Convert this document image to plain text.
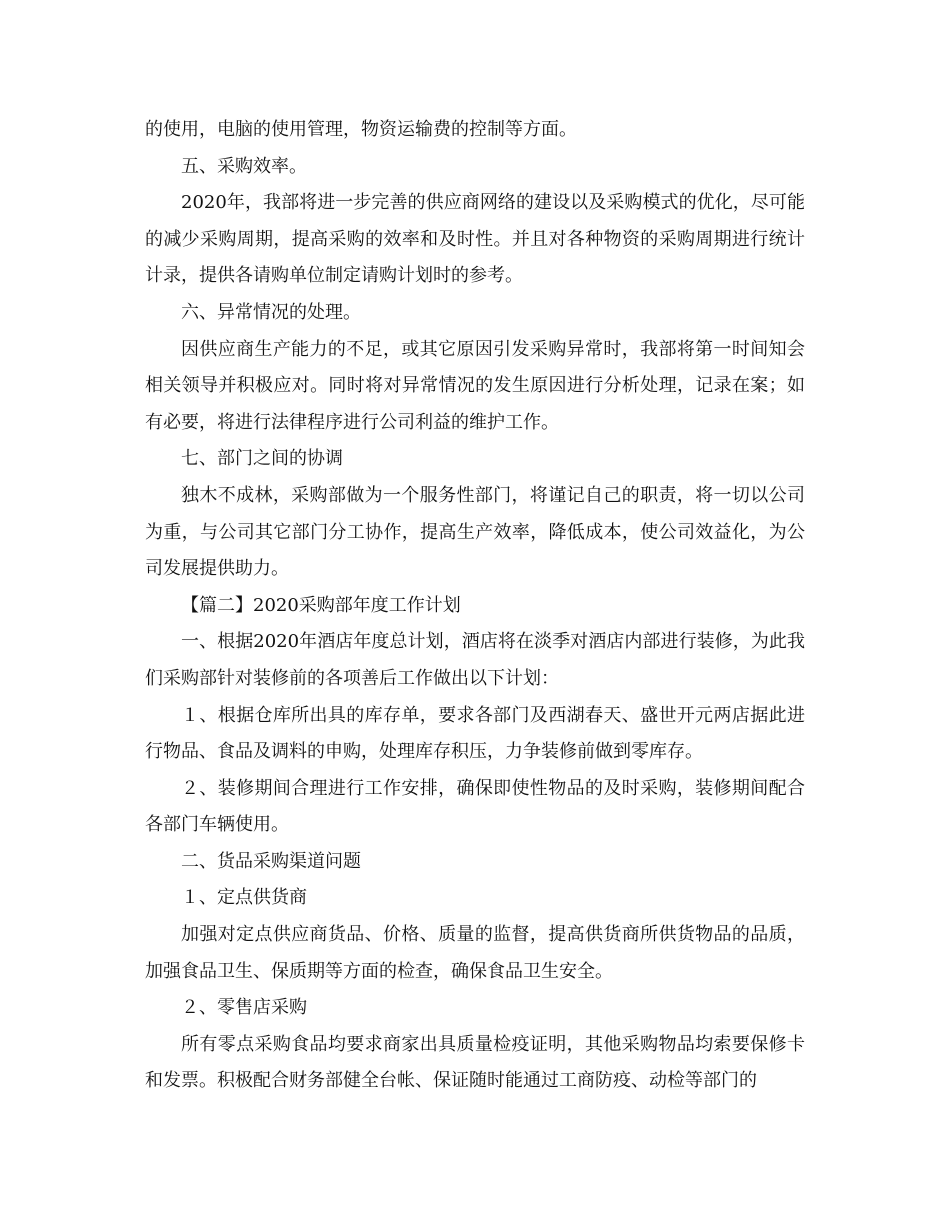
的使用，电脑的使用管理，物资运输费的控制等方面。

五、采购效率。

2020年，我部将进一步完善的供应商网络的建设以及采购模式的优化，尽可能的减少采购周期，提高采购的效率和及时性。并且对各种物资的采购周期进行统计计录，提供各请购单位制定请购计划时的参考。

六、异常情况的处理。

因供应商生产能力的不足，或其它原因引发采购异常时，我部将第一时间知会相关领导并积极应对。同时将对异常情况的发生原因进行分析处理，记录在案；如有必要，将进行法律程序进行公司利益的维护工作。

七、部门之间的协调

独木不成林，采购部做为一个服务性部门，将谨记自己的职责，将一切以公司为重，与公司其它部门分工协作，提高生产效率，降低成本，使公司效益化，为公司发展提供助力。

【篇二】2020采购部年度工作计划

一、根据2020年酒店年度总计划，酒店将在淡季对酒店内部进行装修，为此我们采购部针对装修前的各项善后工作做出以下计划：

１、根据仓库所出具的库存单，要求各部门及西湖春天、盛世开元两店据此进行物品、食品及调料的申购，处理库存积压，力争装修前做到零库存。

２、装修期间合理进行工作安排，确保即使性物品的及时采购，装修期间配合各部门车辆使用。

二、货品采购渠道问题

１、定点供货商

加强对定点供应商货品、价格、质量的监督，提高供货商所供货物品的品质，加强食品卫生、保质期等方面的检查，确保食品卫生安全。

２、零售店采购

所有零点采购食品均要求商家出具质量检疫证明，其他采购物品均索要保修卡和发票。积极配合财务部健全台帐、保证随时能通过工商防疫、动检等部门的
